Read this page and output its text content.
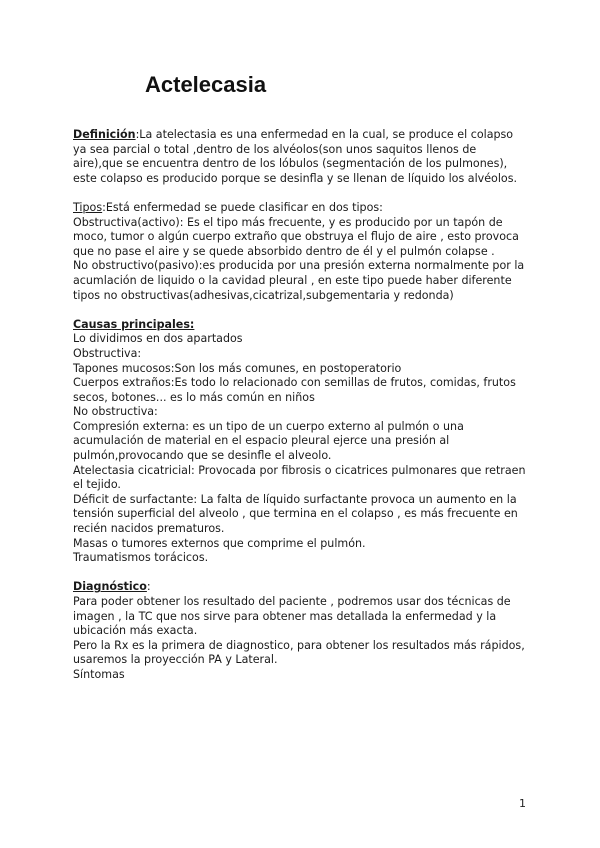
Actelecasia
Definición:La atelectasia es una enfermedad en la cual, se produce el colapso ya sea parcial o total ,dentro de los alvéolos(son unos saquitos llenos de aire),que se encuentra dentro de los lóbulos (segmentación de los pulmones), este colapso es producido porque se desinfla y se llenan de líquido los alvéolos.
Tipos:Está enfermedad se puede clasificar en dos tipos:
Obstructiva(activo): Es el tipo más frecuente, y es producido por un tapón de moco, tumor o algún cuerpo extraño que obstruya el flujo de aire , esto provoca que no pase el aire y se quede absorbido dentro de él y el pulmón colapse .
No obstructivo(pasivo):es producida por una presión externa normalmente por la acumlación de liquido o la cavidad pleural , en este tipo puede haber diferente tipos no obstructivas(adhesivas,cicatrizal,subgementaria y redonda)
Causas principales:
Lo dividimos en dos apartados
Obstructiva:
Tapones mucosos:Son los más comunes, en postoperatorio
Cuerpos extraños:Es todo lo relacionado con semillas de frutos, comidas, frutos secos, botones... es lo más común en niños
No obstructiva:
Compresión externa: es un tipo de un cuerpo externo al pulmón o una acumulación de material en el espacio pleural ejerce una presión al pulmón,provocando que se desinfle el alveolo.
Atelectasia cicatricial: Provocada por fibrosis o cicatrices pulmonares que retraen el tejido.
Déficit de surfactante: La falta de líquido surfactante provoca un aumento en la tensión superficial del alveolo , que termina en el colapso , es más frecuente en recién nacidos prematuros.
Masas o tumores externos que comprime el pulmón.
Traumatismos torácicos.
Diagnóstico:
Para poder obtener los resultado del paciente , podremos usar dos técnicas de imagen , la TC que nos sirve para obtener mas detallada la enfermedad y la ubicación más exacta.
Pero la Rx es la primera de diagnostico, para obtener los resultados más rápidos, usaremos la proyección PA y Lateral.
Síntomas
1
